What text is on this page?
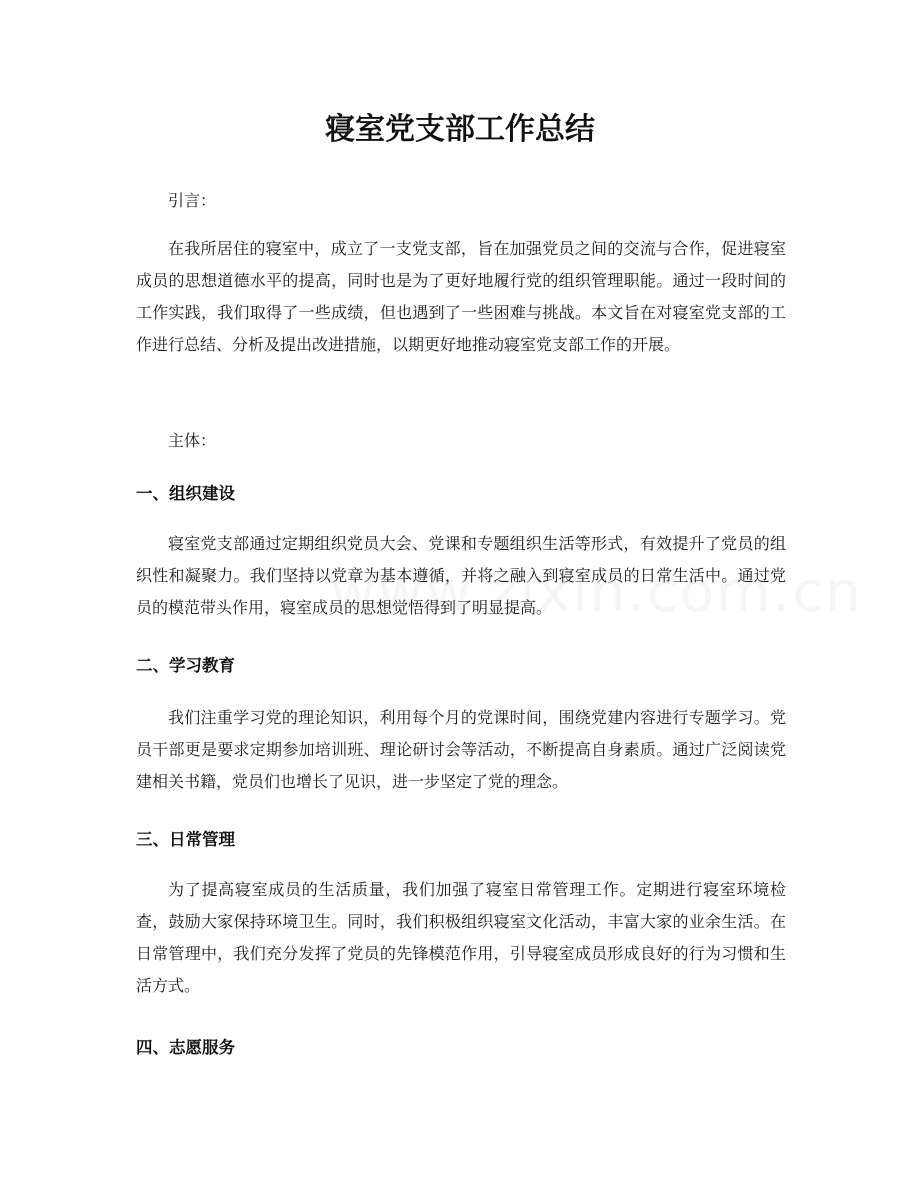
寝室党支部工作总结

引言：

在我所居住的寝室中，成立了一支党支部，旨在加强党员之间的交流与合作，促进寝室成员的思想道德水平的提高，同时也是为了更好地履行党的组织管理职能。通过一段时间的工作实践，我们取得了一些成绩，但也遇到了一些困难与挑战。本文旨在对寝室党支部的工作进行总结、分析及提出改进措施，以期更好地推动寝室党支部工作的开展。

主体：

一、组织建设

寝室党支部通过定期组织党员大会、党课和专题组织生活等形式，有效提升了党员的组织性和凝聚力。我们坚持以党章为基本遵循，并将之融入到寝室成员的日常生活中。通过党员的模范带头作用，寝室成员的思想觉悟得到了明显提高。

二、学习教育

我们注重学习党的理论知识，利用每个月的党课时间，围绕党建内容进行专题学习。党员干部更是要求定期参加培训班、理论研讨会等活动，不断提高自身素质。通过广泛阅读党建相关书籍，党员们也增长了见识，进一步坚定了党的理念。

三、日常管理

为了提高寝室成员的生活质量，我们加强了寝室日常管理工作。定期进行寝室环境检查，鼓励大家保持环境卫生。同时，我们积极组织寝室文化活动，丰富大家的业余生活。在日常管理中，我们充分发挥了党员的先锋模范作用，引导寝室成员形成良好的行为习惯和生活方式。

四、志愿服务
